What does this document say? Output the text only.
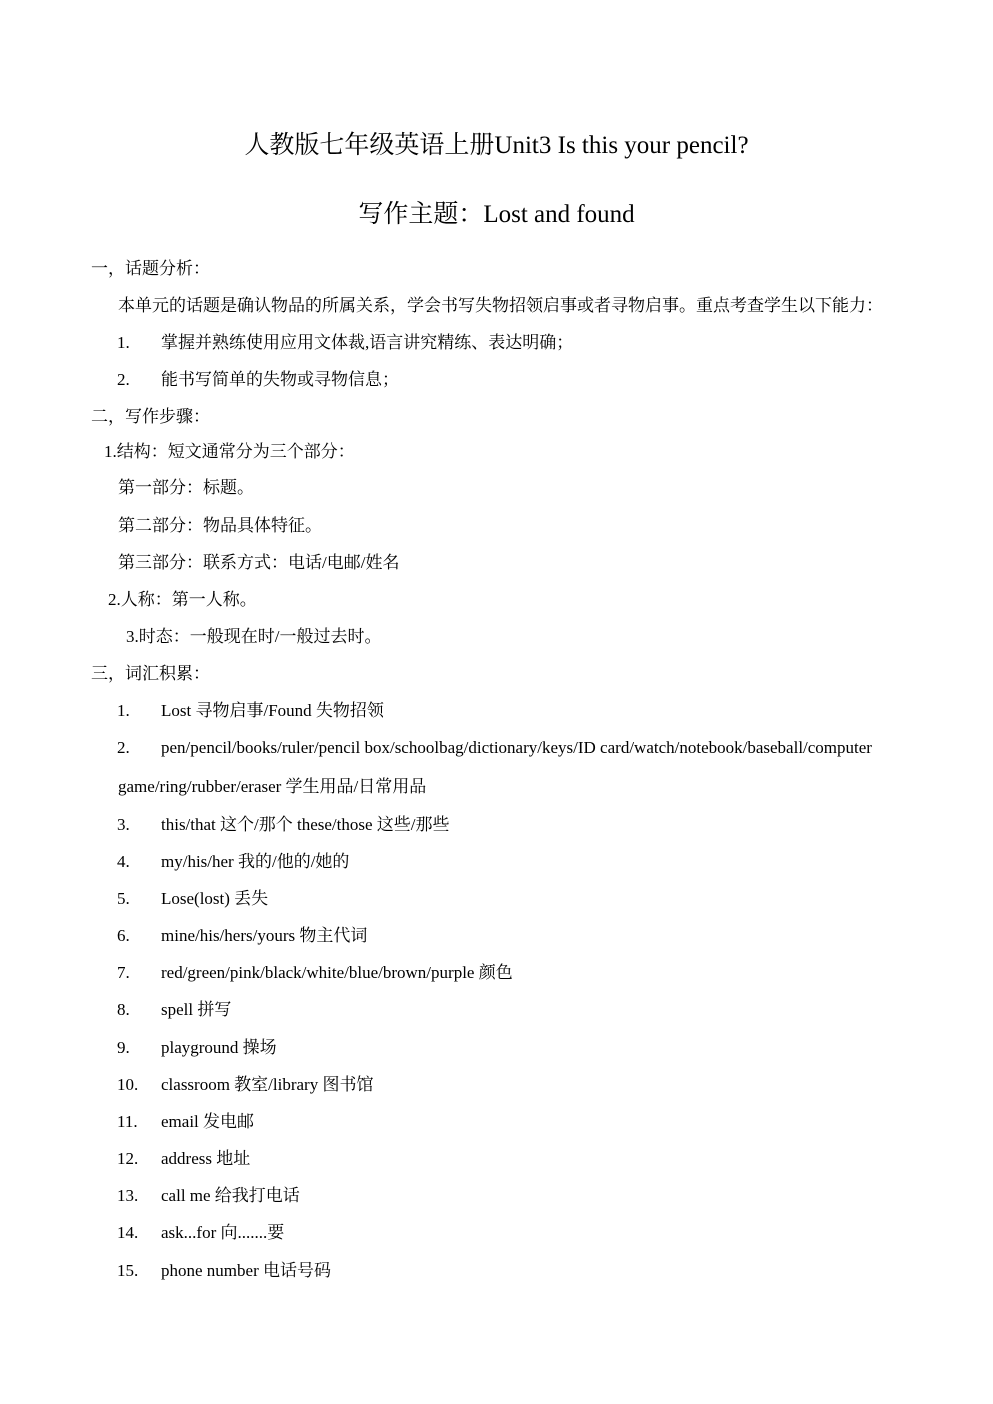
人教版七年级英语上册Unit3 Is this your pencil?
写作主题：Lost and found
一，话题分析：
本单元的话题是确认物品的所属关系，学会书写失物招领启事或者寻物启事。重点考查学生以下能力：
1. 掌握并熟练使用应用文体裁,语言讲究精练、表达明确；
2. 能书写简单的失物或寻物信息；
二，写作步骤：
1.结构：短文通常分为三个部分：
第一部分：标题。
第二部分：物品具体特征。
第三部分：联系方式：电话/电邮/姓名
2.人称：第一人称。
3.时态：一般现在时/一般过去时。
三，词汇积累：
1. Lost 寻物启事/Found 失物招领
2. pen/pencil/books/ruler/pencil box/schoolbag/dictionary/keys/ID card/watch/notebook/baseball/computer
game/ring/rubber/eraser 学生用品/日常用品
3. this/that 这个/那个 these/those 这些/那些
4. my/his/her 我的/他的/她的
5. Lose(lost) 丢失
6. mine/his/hers/yours 物主代词
7. red/green/pink/black/white/blue/brown/purple 颜色
8. spell 拼写
9. playground 操场
10. classroom 教室/library 图书馆
11. email 发电邮
12. address 地址
13. call me 给我打电话
14. ask...for 向.......要
15. phone number 电话号码
